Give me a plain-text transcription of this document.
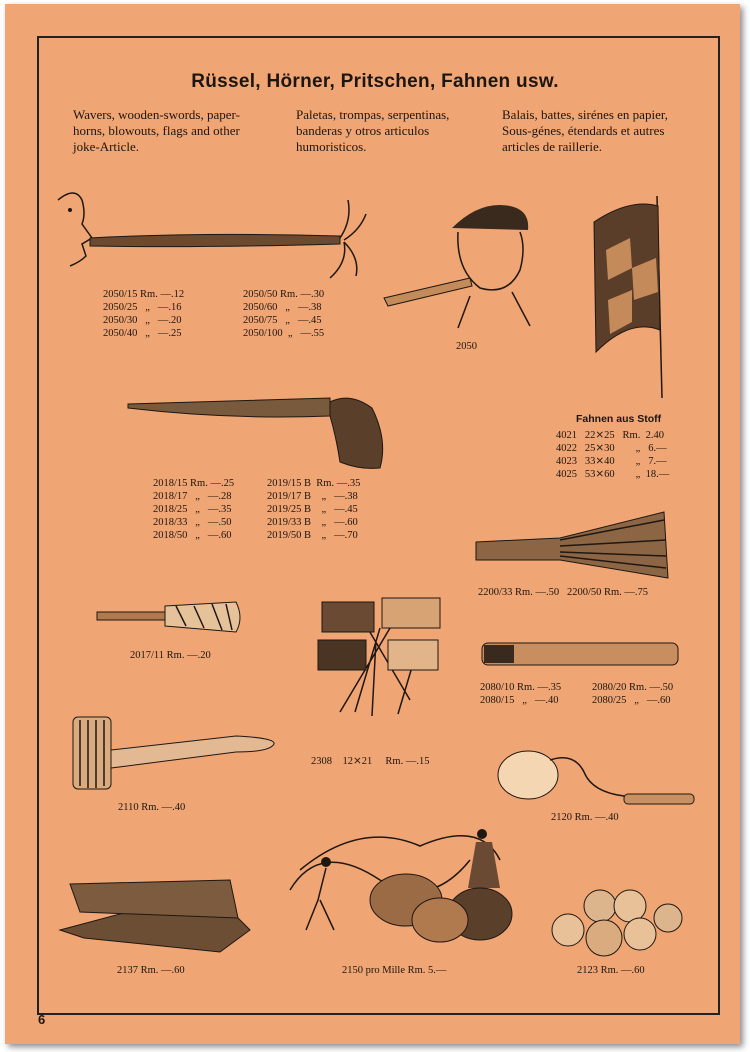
Rüssel, Hörner, Pritschen, Fahnen usw.
Wavers, wooden-swords, paper-
horns, blowouts, flags and other
joke-Article.
Paletas, trompas, serpentinas,
banderas y otros articulos
humoristicos.
Balais, battes, sirénes en papier,
Sous-génes, étendards et autres
articles de raillerie.
2050/15 Rm. —.12
2050/25   „   —.16
2050/30   „   —.20
2050/40   „   —.25
2050/50 Rm. —.30
2050/60   „   —.38
2050/75   „   —.45
2050/100  „   —.55
2050
Fahnen aus Stoff
4021   22⨯25   Rm.  2.40
4022   25⨯30        „   6.—
4023   33⨯40        „   7.—
4025   53⨯60        „  18.—
2018/15 Rm. —.25
2018/17   „   —.28
2018/25   „   —.35
2018/33   „   —.50
2018/50   „   —.60
2019/15 B  Rm. —.35
2019/17 B    „   —.38
2019/25 B    „   —.45
2019/33 B    „   —.60
2019/50 B    „   —.70
2200/33 Rm. —.50   2200/50 Rm. —.75
2017/11 Rm. —.20
2080/10 Rm. —.35
2080/15   „   —.40
2080/20 Rm. —.50
2080/25   „   —.60
2308    12⨯21     Rm. —.15
2110 Rm. —.40
2120 Rm. —.40
2137 Rm. —.60	2150 pro Mille Rm. 5.—	2123 Rm. —.60
6
